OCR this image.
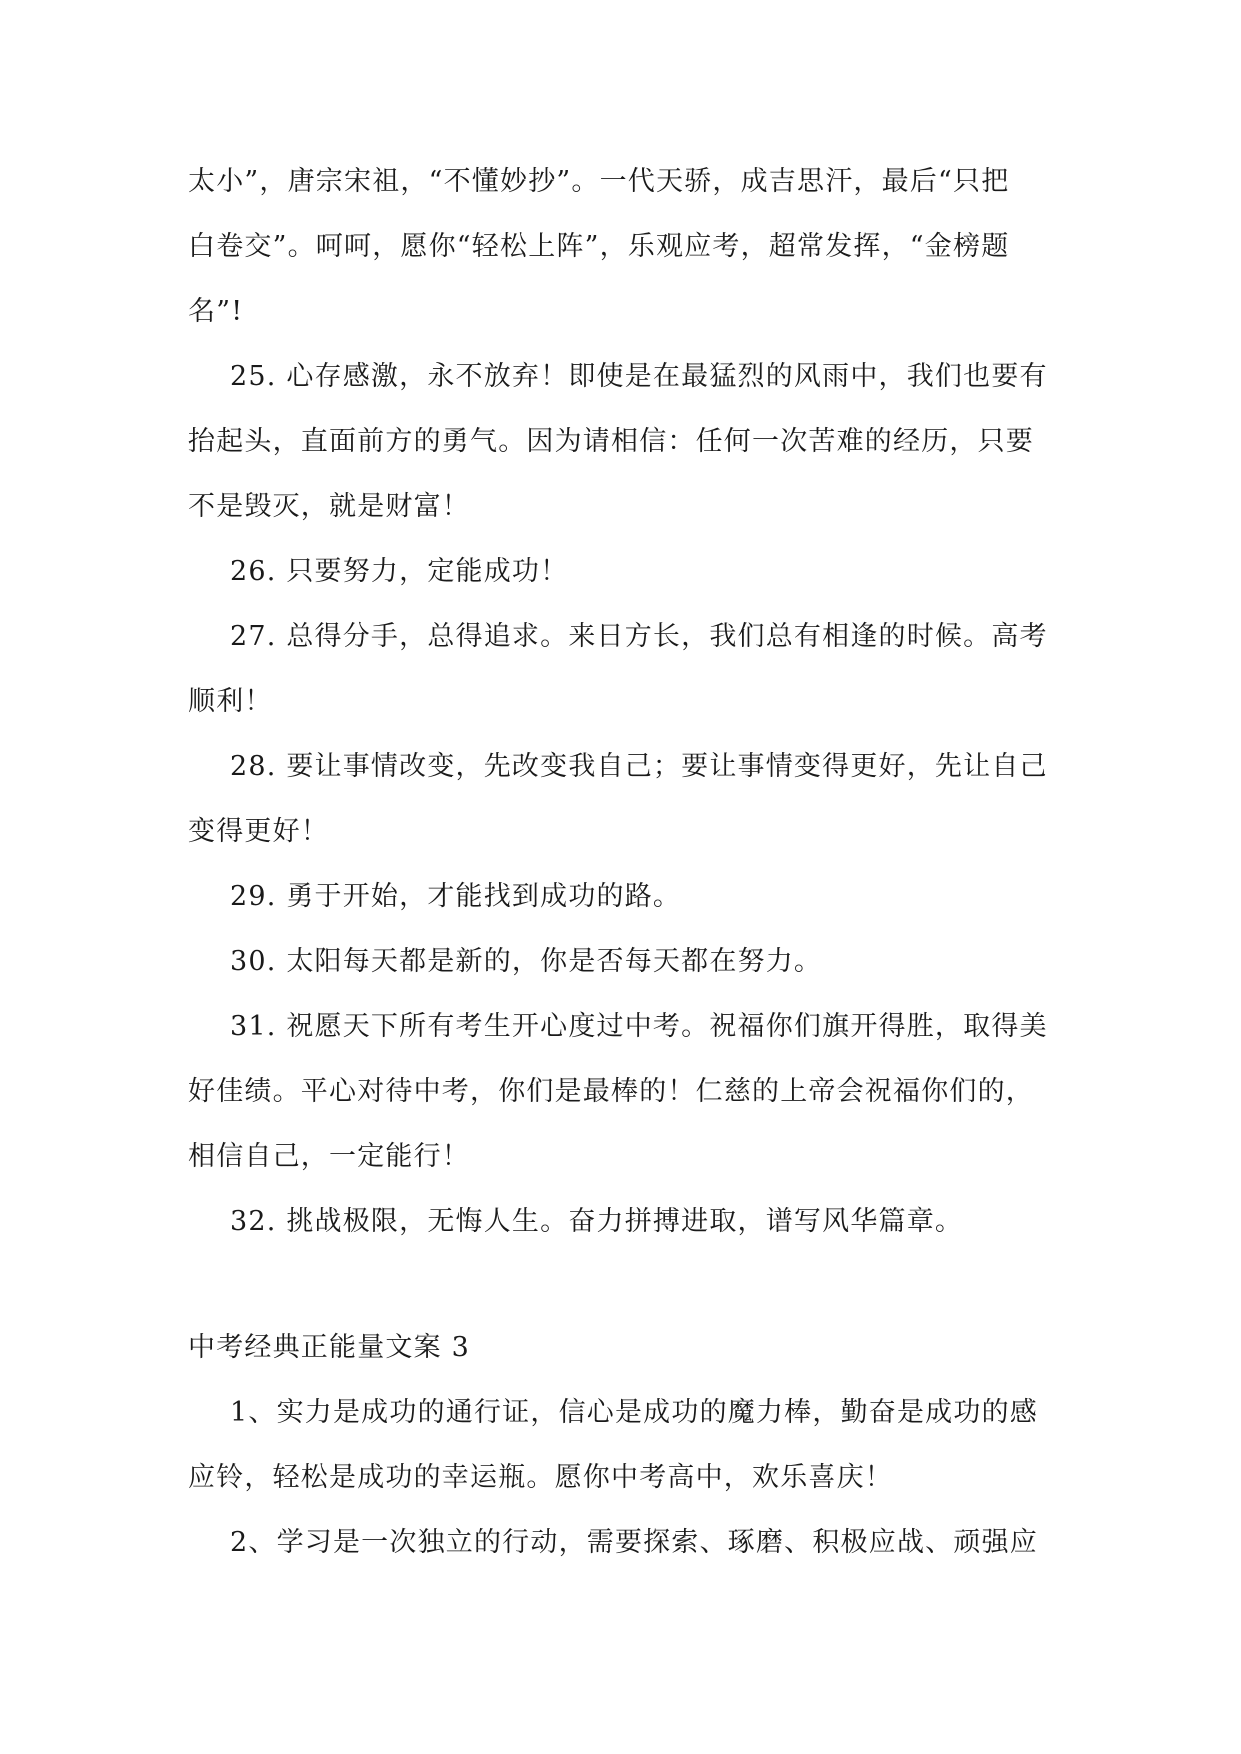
太小”，唐宗宋祖，“不懂妙抄”。一代天骄，成吉思汗，最后“只把
白卷交”。呵呵，愿你“轻松上阵”，乐观应考，超常发挥，“金榜题
名”!
25. 心存感激，永不放弃！即使是在最猛烈的风雨中，我们也要有
抬起头，直面前方的勇气。因为请相信：任何一次苦难的经历，只要
不是毁灭，就是财富！
26. 只要努力，定能成功！
27. 总得分手，总得追求。来日方长，我们总有相逢的时候。高考
顺利！
28. 要让事情改变，先改变我自己；要让事情变得更好，先让自己
变得更好！
29. 勇于开始，才能找到成功的路。
30. 太阳每天都是新的，你是否每天都在努力。
31. 祝愿天下所有考生开心度过中考。祝福你们旗开得胜，取得美
好佳绩。平心对待中考，你们是最棒的！仁慈的上帝会祝福你们的，
相信自己，一定能行！
32. 挑战极限，无悔人生。奋力拼搏进取，谱写风华篇章。
中考经典正能量文案 3
1、实力是成功的通行证，信心是成功的魔力棒，勤奋是成功的感
应铃，轻松是成功的幸运瓶。愿你中考高中，欢乐喜庆！
2、学习是一次独立的行动，需要探索、琢磨、积极应战、顽强应
